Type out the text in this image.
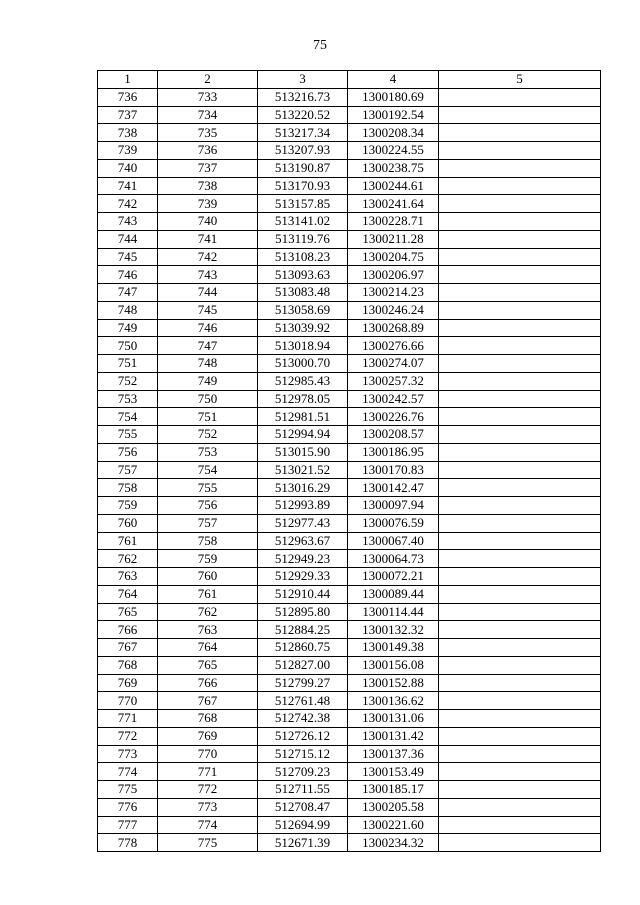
75
1	2	3	4	5
736	733	513216.73	1300180.69	
737	734	513220.52	1300192.54	
738	735	513217.34	1300208.34	
739	736	513207.93	1300224.55	
740	737	513190.87	1300238.75	
741	738	513170.93	1300244.61	
742	739	513157.85	1300241.64	
743	740	513141.02	1300228.71	
744	741	513119.76	1300211.28	
745	742	513108.23	1300204.75	
746	743	513093.63	1300206.97	
747	744	513083.48	1300214.23	
748	745	513058.69	1300246.24	
749	746	513039.92	1300268.89	
750	747	513018.94	1300276.66	
751	748	513000.70	1300274.07	
752	749	512985.43	1300257.32	
753	750	512978.05	1300242.57	
754	751	512981.51	1300226.76	
755	752	512994.94	1300208.57	
756	753	513015.90	1300186.95	
757	754	513021.52	1300170.83	
758	755	513016.29	1300142.47	
759	756	512993.89	1300097.94	
760	757	512977.43	1300076.59	
761	758	512963.67	1300067.40	
762	759	512949.23	1300064.73	
763	760	512929.33	1300072.21	
764	761	512910.44	1300089.44	
765	762	512895.80	1300114.44	
766	763	512884.25	1300132.32	
767	764	512860.75	1300149.38	
768	765	512827.00	1300156.08	
769	766	512799.27	1300152.88	
770	767	512761.48	1300136.62	
771	768	512742.38	1300131.06	
772	769	512726.12	1300131.42	
773	770	512715.12	1300137.36	
774	771	512709.23	1300153.49	
775	772	512711.55	1300185.17	
776	773	512708.47	1300205.58	
777	774	512694.99	1300221.60	
778	775	512671.39	1300234.32	
